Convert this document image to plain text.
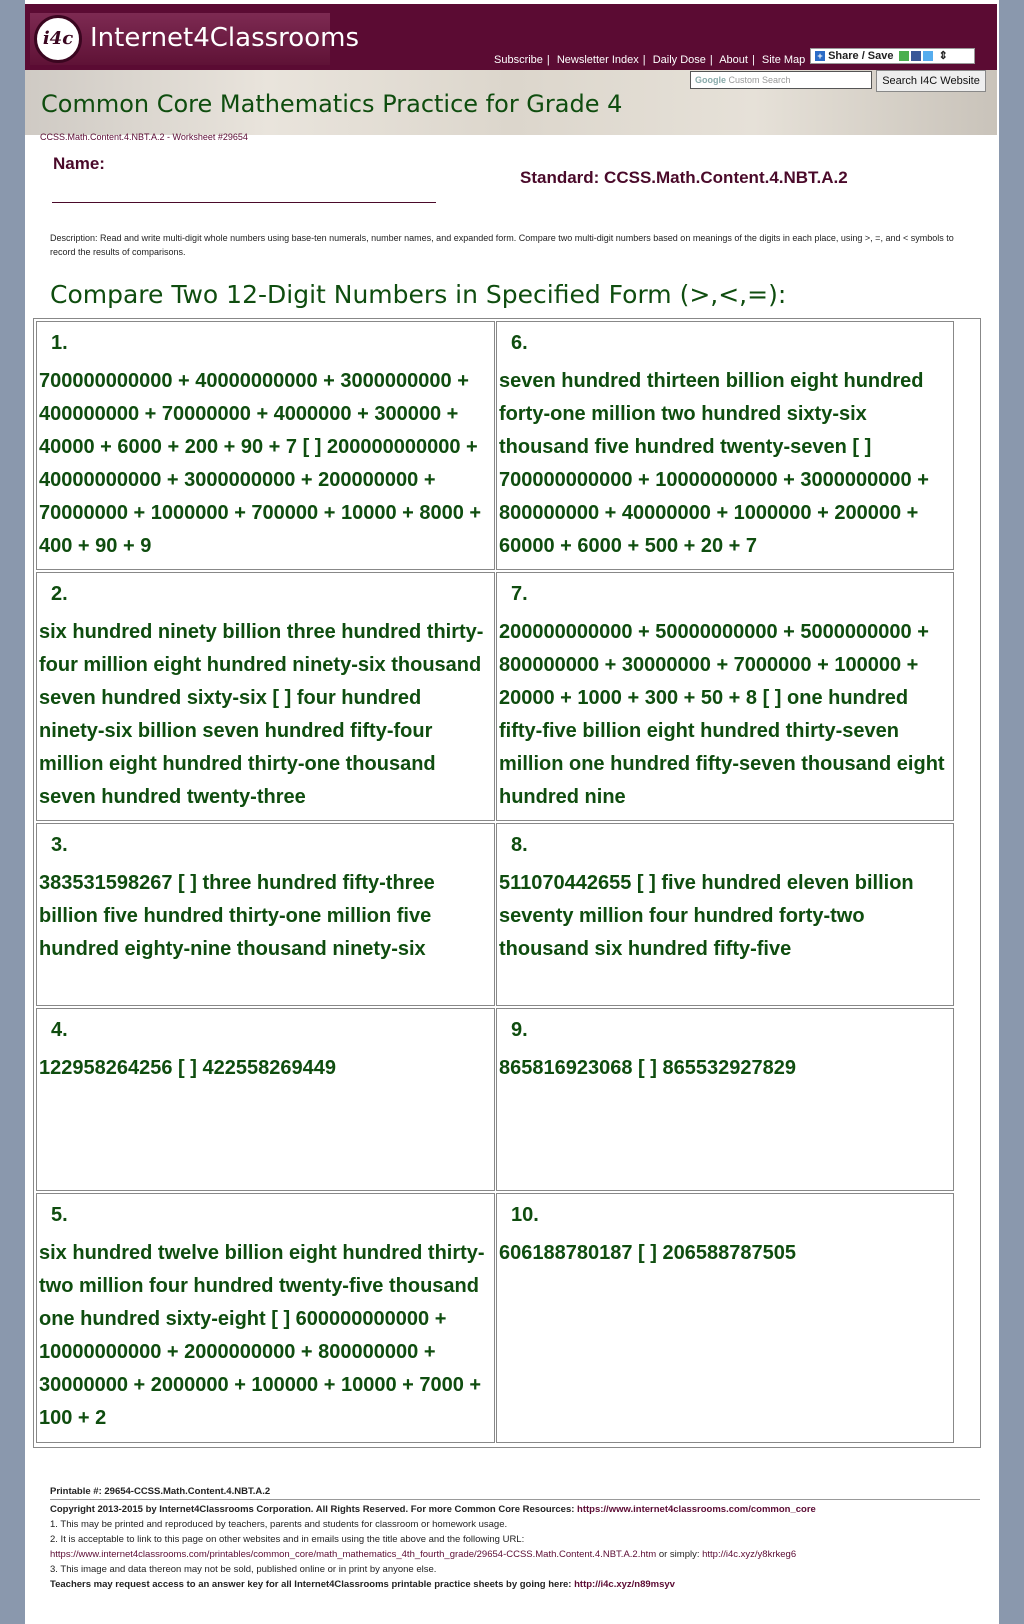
i4c Internet4Classrooms
Subscribe | Newsletter Index | Daily Dose | About | Site Map	+ Share / Save	⇕
Common Core Mathematics Practice for Grade 4
Google Custom Search	Search I4C Website
CCSS.Math.Content.4.NBT.A.2 - Worksheet #29654
Name:
Standard: CCSS.Math.Content.4.NBT.A.2
Description: Read and write multi-digit whole numbers using base-ten numerals, number names, and expanded form. Compare two multi-digit numbers based on meanings of the digits in each place, using >, =, and < symbols to record the results of comparisons.
Compare Two 12-Digit Numbers in Specified Form (>,<,=):
1.
700000000000 + 40000000000 + 3000000000 + 400000000 + 70000000 + 4000000 + 300000 + 40000 + 6000 + 200 + 90 + 7 [ ] 200000000000 + 40000000000 + 3000000000 + 200000000 + 70000000 + 1000000 + 700000 + 10000 + 8000 + 400 + 90 + 9
6.
seven hundred thirteen billion eight hundred forty-one million two hundred sixty-six thousand five hundred twenty-seven [ ] 700000000000 + 10000000000 + 3000000000 + 800000000 + 40000000 + 1000000 + 200000 + 60000 + 6000 + 500 + 20 + 7
2.
six hundred ninety billion three hundred thirty-four million eight hundred ninety-six thousand seven hundred sixty-six [ ] four hundred ninety-six billion seven hundred fifty-four million eight hundred thirty-one thousand seven hundred twenty-three
7.
200000000000 + 50000000000 + 5000000000 + 800000000 + 30000000 + 7000000 + 100000 + 20000 + 1000 + 300 + 50 + 8 [ ] one hundred fifty-five billion eight hundred thirty-seven million one hundred fifty-seven thousand eight hundred nine
3.
383531598267 [ ] three hundred fifty-three billion five hundred thirty-one million five hundred eighty-nine thousand ninety-six
8.
511070442655 [ ] five hundred eleven billion seventy million four hundred forty-two thousand six hundred fifty-five
4.
122958264256 [ ] 422558269449
9.
865816923068 [ ] 865532927829
5.
six hundred twelve billion eight hundred thirty-two million four hundred twenty-five thousand one hundred sixty-eight [ ] 600000000000 + 10000000000 + 2000000000 + 800000000 + 30000000 + 2000000 + 100000 + 10000 + 7000 + 100 + 2
10.
606188780187 [ ] 206588787505
Printable #: 29654-CCSS.Math.Content.4.NBT.A.2
Copyright 2013-2015 by Internet4Classrooms Corporation. All Rights Reserved. For more Common Core Resources: https://www.internet4classrooms.com/common_core
1. This may be printed and reproduced by teachers, parents and students for classroom or homework usage.
2. It is acceptable to link to this page on other websites and in emails using the title above and the following URL:
https://www.internet4classrooms.com/printables/common_core/math_mathematics_4th_fourth_grade/29654-CCSS.Math.Content.4.NBT.A.2.htm or simply: http://i4c.xyz/y8krkeg6
3. This image and data thereon may not be sold, published online or in print by anyone else.
Teachers may request access to an answer key for all Internet4Classrooms printable practice sheets by going here: http://i4c.xyz/n89msyv
